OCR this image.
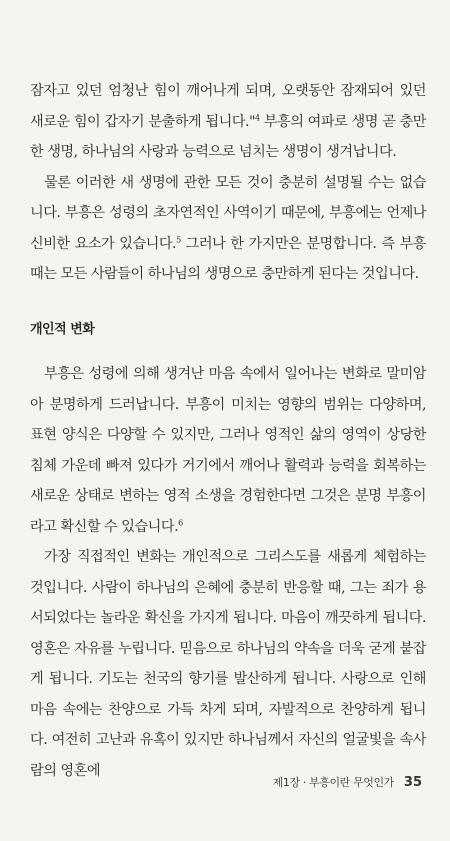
잠자고 있던 엄청난 힘이 깨어나게 되며, 오랫동안 잠재되어 있던 새로운 힘이 갑자기 분출하게 됩니다."$^4$ 부흥의 여파로 생명 곧 충만한 생명, 하나님의 사랑과 능력으로 넘치는 생명이 생겨납니다.

물론 이러한 새 생명에 관한 모든 것이 충분히 설명될 수는 없습니다. 부흥은 성령의 초자연적인 사역이기 때문에, 부흥에는 언제나 신비한 요소가 있습니다.$^5$ 그러나 한 가지만은 분명합니다. 즉 부흥 때는 모든 사람들이 하나님의 생명으로 충만하게 된다는 것입니다.

개인적 변화

부흥은 성령에 의해 생겨난 마음 속에서 일어나는 변화로 말미암아 분명하게 드러납니다. 부흥이 미치는 영향의 범위는 다양하며, 표현 양식은 다양할 수 있지만, 그러나 영적인 삶의 영역이 상당한 침체 가운데 빠져 있다가 거기에서 깨어나 활력과 능력을 회복하는 새로운 상태로 변하는 영적 소생을 경험한다면 그것은 분명 부흥이라고 확신할 수 있습니다.$^6$

가장 직접적인 변화는 개인적으로 그리스도를 새롭게 체험하는 것입니다. 사람이 하나님의 은혜에 충분히 반응할 때, 그는 죄가 용서되었다는 놀라운 확신을 가지게 됩니다. 마음이 깨끗하게 됩니다. 영혼은 자유를 누립니다. 믿음으로 하나님의 약속을 더욱 굳게 붙잡게 됩니다. 기도는 천국의 향기를 발산하게 됩니다. 사랑으로 인해 마음 속에는 찬양으로 가득 차게 되며, 자발적으로 찬양하게 됩니다. 여전히 고난과 유혹이 있지만 하나님께서 자신의 얼굴빛을 속사람의 영혼에

제1장 · 부흥이란 무엇인가 35
